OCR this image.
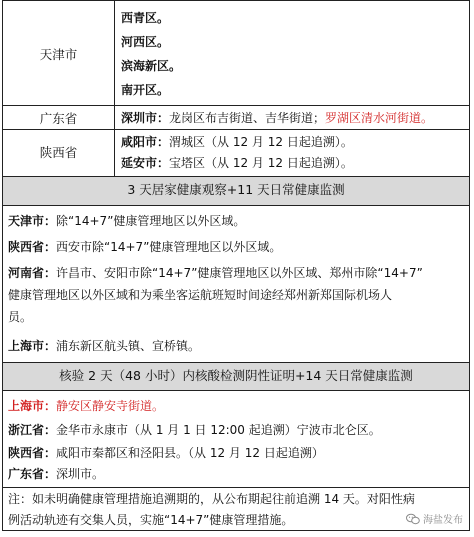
天津市
西青区。
河西区。
滨海新区。
南开区。
广东省	深圳市：龙岗区布吉街道、吉华街道；罗湖区清水河街道。
陕西省
咸阳市：渭城区（从 12 月 12 日起追溯）。
延安市：宝塔区（从 12 月 12 日起追溯）。
3 天居家健康观察+11 天日常健康监测
天津市：除“14+7”健康管理地区以外区域。
陕西省：西安市除“14+7”健康管理地区以外区域。
河南省：许昌市、安阳市除“14+7”健康管理地区以外区域、郑州市除“14+7”
健康管理地区以外区域和为乘坐客运航班短时间途经郑州新郑国际机场人
员。
上海市：浦东新区航头镇、宣桥镇。
核验 2 天（48 小时）内核酸检测阴性证明+14 天日常健康监测
上海市：静安区静安寺街道。
浙江省：金华市永康市（从 1 月 1 日 12:00 起追溯）宁波市北仑区。
陕西省：咸阳市秦都区和泾阳县。（从 12 月 12 日起追溯）
广东省：深圳市。
注：如未明确健康管理措施追溯期的，从公布期起往前追溯 14 天。对阳性病
例活动轨迹有交集人员，实施“14+7”健康管理措施。	海盐发布
